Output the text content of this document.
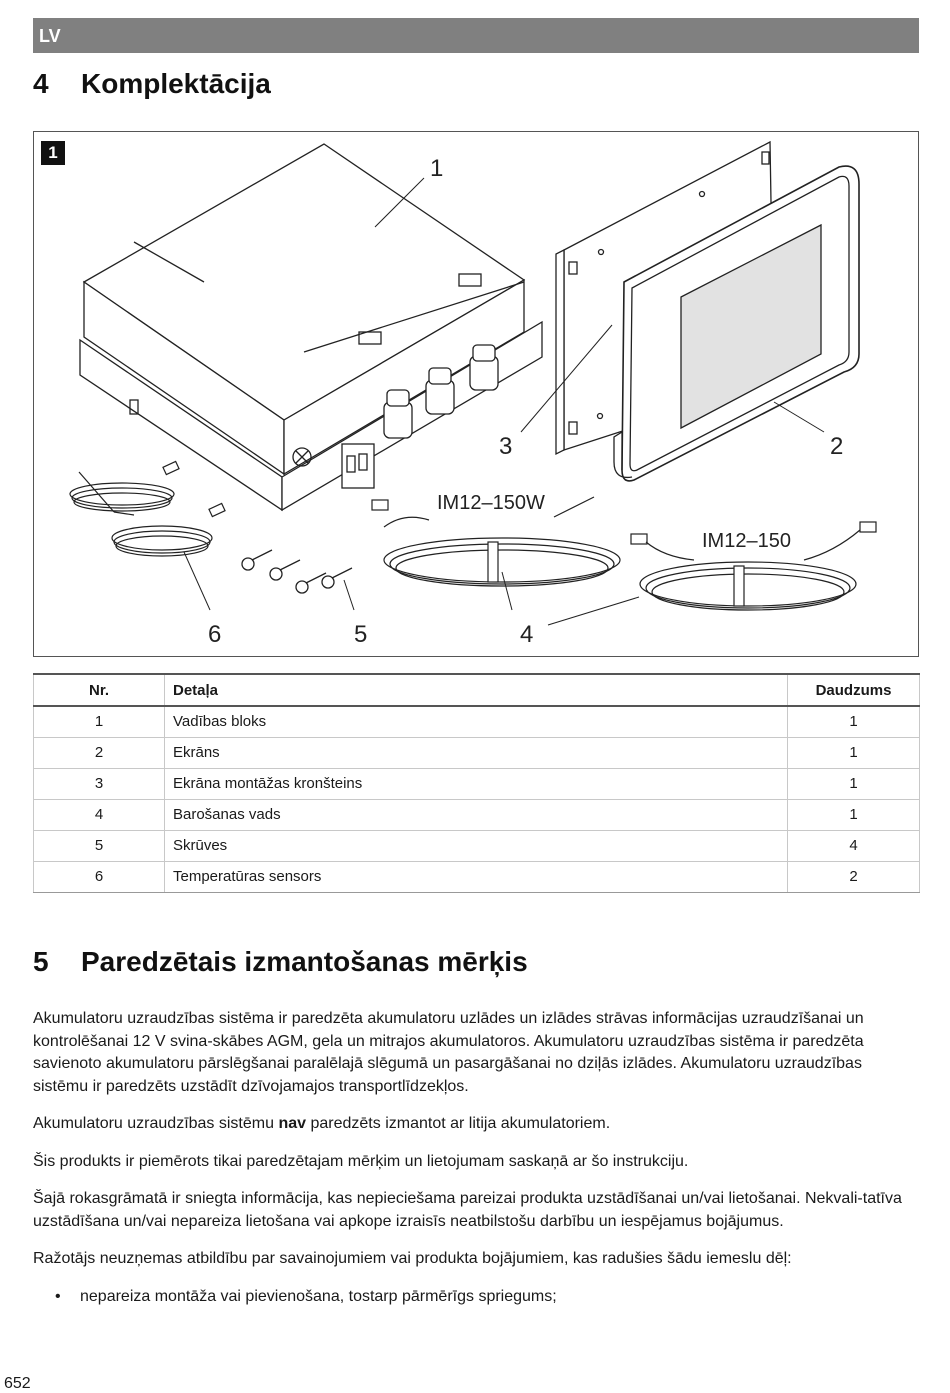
LV
4 Komplektācija
1
1
2
3
4
5
6
IM12–150W
IM12–150
Nr.	Detaļa	Daudzums
1	Vadības bloks	1
2	Ekrāns	1
3	Ekrāna montāžas kronšteins	1
4	Barošanas vads	1
5	Skrūves	4
6	Temperatūras sensors	2
5 Paredzētais izmantošanas mērķis

Akumulatoru uzraudzības sistēma ir paredzēta akumulatoru uzlādes un izlādes strāvas informācijas uzraudzīšanai un kontrolēšanai 12 V svina-skābes AGM, gela un mitrajos akumulatoros. Akumulatoru uzraudzības sistēma ir paredzēta savienoto akumulatoru pārslēgšanai paralēlajā slēgumā un pasargāšanai no dziļās izlādes. Akumulatoru uzraudzības sistēmu ir paredzēts uzstādīt dzīvojamajos transportlīdzekļos.

Akumulatoru uzraudzības sistēmu nav paredzēts izmantot ar litija akumulatoriem.

Šis produkts ir piemērots tikai paredzētajam mērķim un lietojumam saskaņā ar šo instrukciju.

Šajā rokasgrāmatā ir sniegta informācija, kas nepieciešama pareizai produkta uzstādīšanai un/vai lietošanai. Nekvali-tatīva uzstādīšana un/vai nepareiza lietošana vai apkope izraisīs neatbilstošu darbību un iespējamus bojājumus.

Ražotājs neuzņemas atbildību par savainojumiem vai produkta bojājumiem, kas radušies šādu iemeslu dēļ:

• nepareiza montāža vai pievienošana, tostarp pārmērīgs spriegums;
652
